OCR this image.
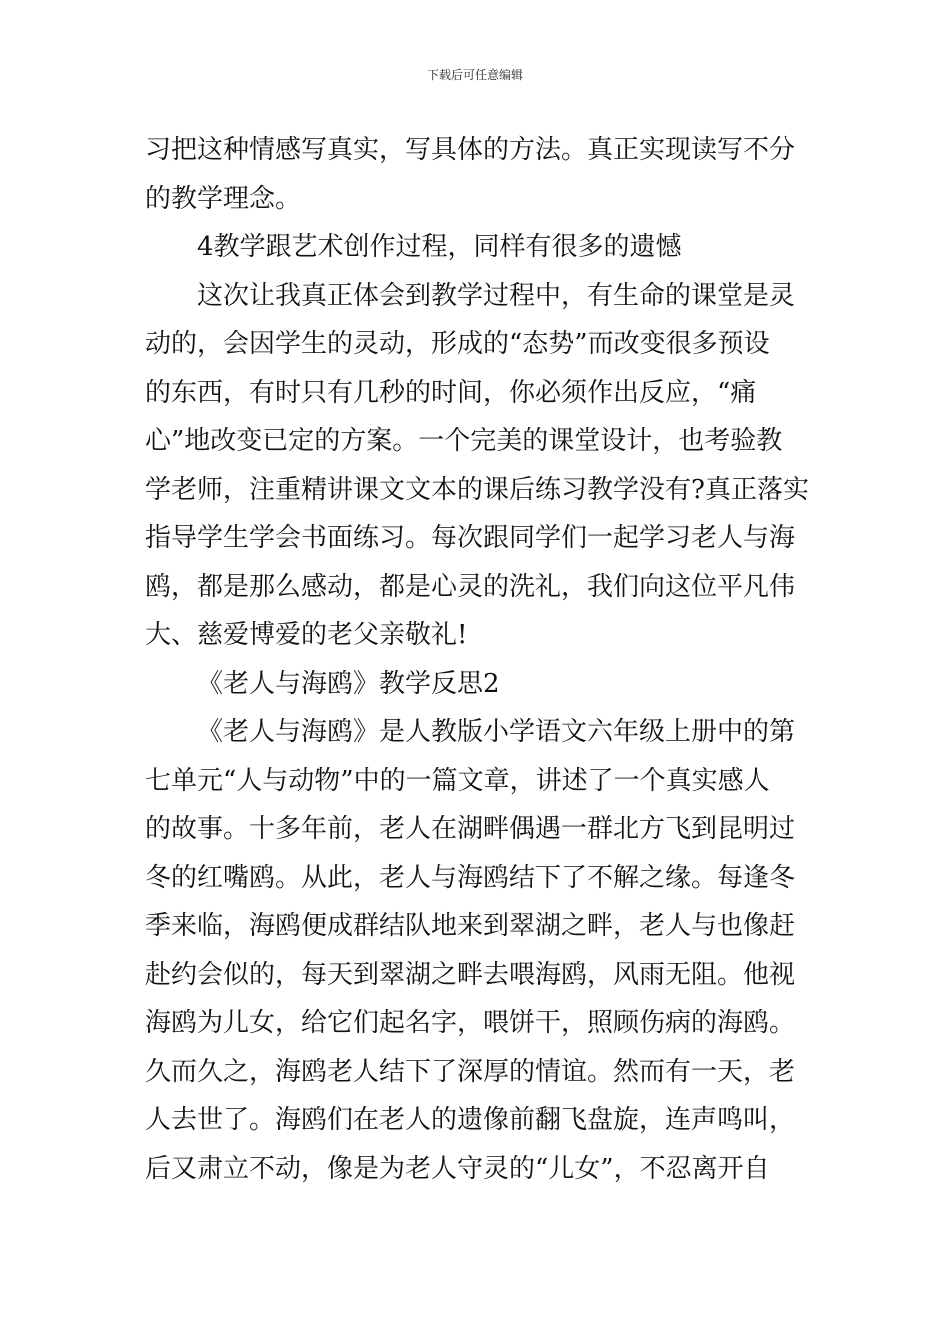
下载后可任意编辑
习把这种情感写真实，写具体的方法。真正实现读写不分
的教学理念。
4教学跟艺术创作过程，同样有很多的遗憾
这次让我真正体会到教学过程中，有生命的课堂是灵
动的，会因学生的灵动，形成的“态势”而改变很多预设
的东西，有时只有几秒的时间，你必须作出反应，“痛
心”地改变已定的方案。一个完美的课堂设计，也考验教
学老师，注重精讲课文文本的课后练习教学没有?真正落实
指导学生学会书面练习。每次跟同学们一起学习老人与海
鸥，都是那么感动，都是心灵的洗礼，我们向这位平凡伟
大、慈爱博爱的老父亲敬礼!
《老人与海鸥》教学反思2
《老人与海鸥》是人教版小学语文六年级上册中的第
七单元“人与动物”中的一篇文章，讲述了一个真实感人
的故事。十多年前，老人在湖畔偶遇一群北方飞到昆明过
冬的红嘴鸥。从此，老人与海鸥结下了不解之缘。每逢冬
季来临，海鸥便成群结队地来到翠湖之畔，老人与也像赶
赴约会似的，每天到翠湖之畔去喂海鸥，风雨无阻。他视
海鸥为儿女，给它们起名字，喂饼干，照顾伤病的海鸥。
久而久之，海鸥老人结下了深厚的情谊。然而有一天，老
人去世了。海鸥们在老人的遗像前翻飞盘旋，连声鸣叫，
后又肃立不动，像是为老人守灵的“儿女”，不忍离开自
